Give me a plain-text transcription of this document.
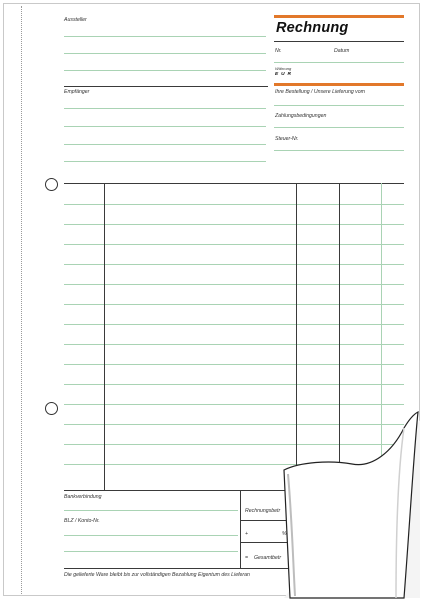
Aussteller
Empfänger
Rechnung
Nr.	Datum
Währung
E U R
Ihre Bestellung / Unsere Lieferung vom
Zahlungsbedingungen
Steuer-Nr.
Bankverbindung
BLZ / Konto-Nr.
Rechnungsbetr
+	%
= Gesamtbetr
Die gelieferte Ware bleibt bis zur vollständigen Bezahlung Eigentum des Lieferan
